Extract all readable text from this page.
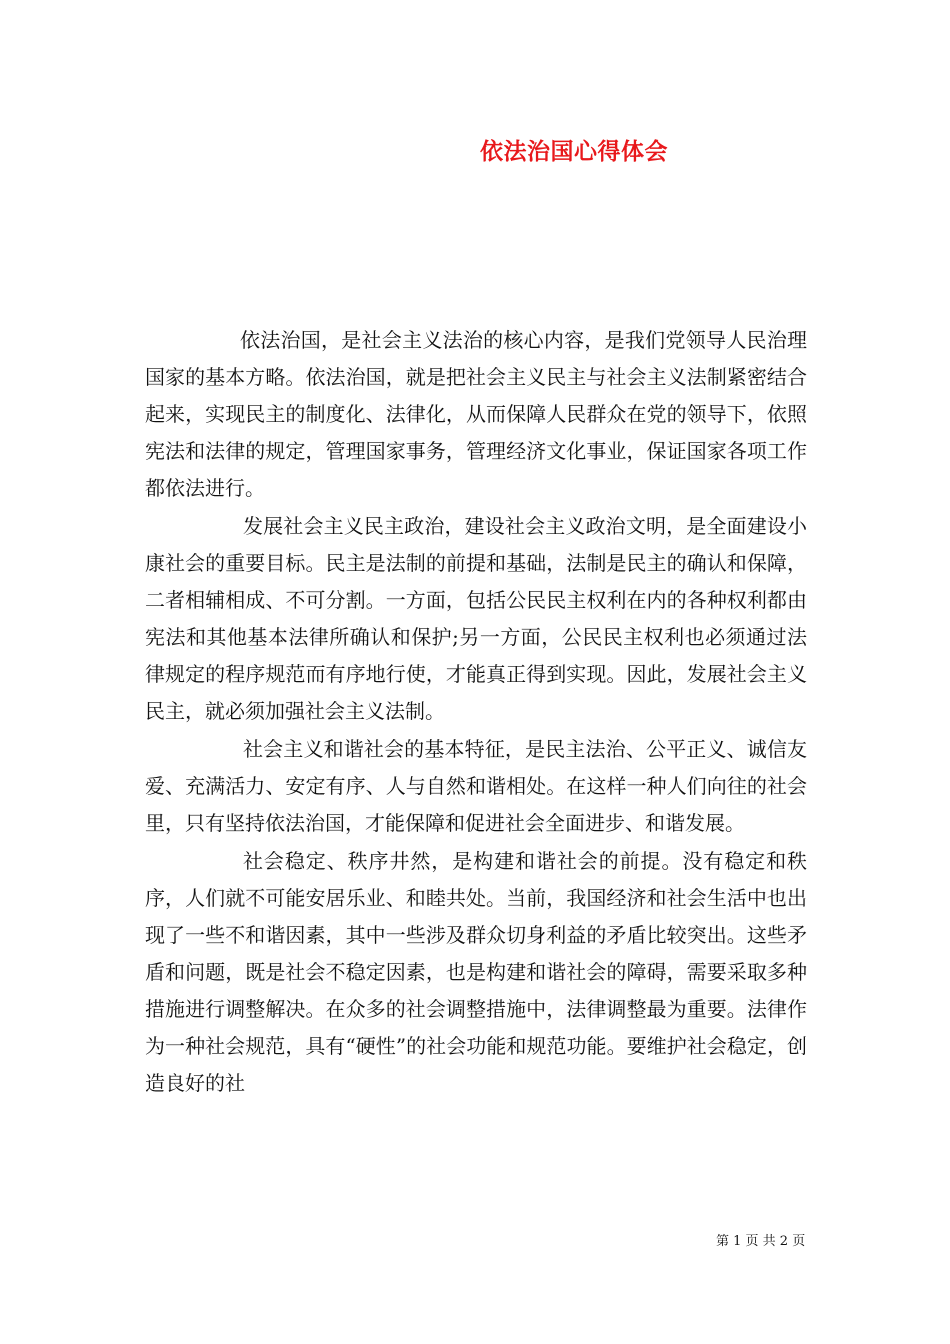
依法治国心得体会

依法治国，是社会主义法治的核心内容，是我们党领导人民治理国家的基本方略。依法治国，就是把社会主义民主与社会主义法制紧密结合起来，实现民主的制度化、法律化，从而保障人民群众在党的领导下，依照宪法和法律的规定，管理国家事务，管理经济文化事业，保证国家各项工作都依法进行。

发展社会主义民主政治，建设社会主义政治文明，是全面建设小康社会的重要目标。民主是法制的前提和基础，法制是民主的确认和保障，二者相辅相成、不可分割。一方面，包括公民民主权利在内的各种权利都由宪法和其他基本法律所确认和保护;另一方面，公民民主权利也必须通过法律规定的程序规范而有序地行使，才能真正得到实现。因此，发展社会主义民主，就必须加强社会主义法制。

社会主义和谐社会的基本特征，是民主法治、公平正义、诚信友爱、充满活力、安定有序、人与自然和谐相处。在这样一种人们向往的社会里，只有坚持依法治国，才能保障和促进社会全面进步、和谐发展。

社会稳定、秩序井然，是构建和谐社会的前提。没有稳定和秩序，人们就不可能安居乐业、和睦共处。当前，我国经济和社会生活中也出现了一些不和谐因素，其中一些涉及群众切身利益的矛盾比较突出。这些矛盾和问题，既是社会不稳定因素，也是构建和谐社会的障碍，需要采取多种措施进行调整解决。在众多的社会调整措施中，法律调整最为重要。法律作为一种社会规范，具有“硬性”的社会功能和规范功能。要维护社会稳定，创造良好的社

第 1 页 共 2 页
